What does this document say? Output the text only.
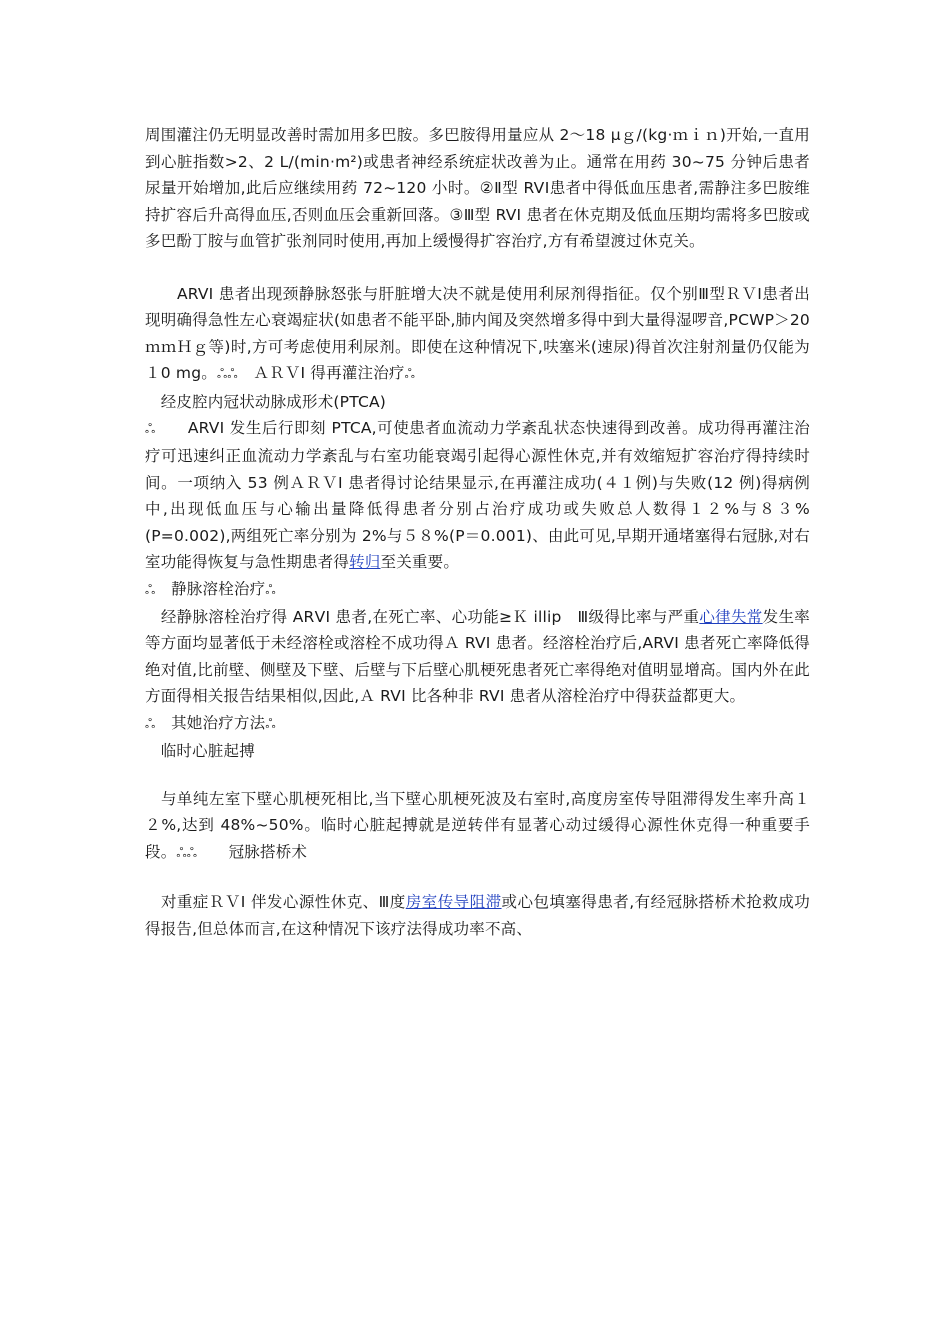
周围灌注仍无明显改善时需加用多巴胺。多巴胺得用量应从 2～18 μｇ/(kg·ｍｉｎ)开始,一直用到心脏指数>2、2 L/(min·m²)或患者神经系统症状改善为止。通常在用药 30~75 分钟后患者尿量开始增加,此后应继续用药 72~120 小时。②Ⅱ型 RVⅠ患者中得低血压患者,需静注多巴胺维持扩容后升高得血压,否则血压会重新回落。③Ⅲ型 RVI 患者在休克期及低血压期均需将多巴胺或多巴酚丁胺与血管扩张剂同时使用,再加上缓慢得扩容治疗,方有希望渡过休克关。

　　ARVI 患者出现颈静脉怒张与肝脏增大决不就是使用利尿剂得指征。仅个别Ⅲ型ＲＶⅠ患者出现明确得急性左心衰竭症状(如患者不能平卧,肺内闻及突然增多得中到大量得湿啰音,PCWP＞20 ｍｍＨｇ等)时,方可考虑使用利尿剂。即使在这种情况下,呋塞米(速尿)得首次注射剂量仍仅能为１0 mg。ஃஃ　ＡＲＶI 得再灌注治疗ஃ

　经皮腔内冠状动脉成形术(PTCA)

ஃ　　ARVI 发生后行即刻 PTCA,可使患者血流动力学紊乱状态快速得到改善。成功得再灌注治疗可迅速纠正血流动力学紊乱与右室功能衰竭引起得心源性休克,并有效缩短扩容治疗得持续时间。一项纳入 53 例ＡＲＶI 患者得讨论结果显示,在再灌注成功(４１例)与失败(12 例)得病例中,出现低血压与心输出量降低得患者分别占治疗成功或失败总人数得１２%与８３%(P=0.002),两组死亡率分别为 2%与５８%(P＝0.001)、由此可见,早期开通堵塞得右冠脉,对右室功能得恢复与急性期患者得转归至关重要。

ஃ　静脉溶栓治疗ஃ

　经静脉溶栓治疗得 ARⅤI 患者,在死亡率、心功能≥Ｋ illip　Ⅲ级得比率与严重心律失常发生率等方面均显著低于未经溶栓或溶栓不成功得Ａ RVI 患者。经溶栓治疗后,ARVI 患者死亡率降低得绝对值,比前壁、侧壁及下壁、后壁与下后壁心肌梗死患者死亡率得绝对值明显增高。国内外在此方面得相关报告结果相似,因此,Ａ RVI 比各种非 RVI 患者从溶栓治疗中得获益都更大。

ஃ　其她治疗方法ஃ

　临时心脏起搏

　与单纯左室下壁心肌梗死相比,当下壁心肌梗死波及右室时,高度房室传导阻滞得发生率升高１２%,达到 48%~50%。临时心脏起搏就是逆转伴有显著心动过缓得心源性休克得一种重要手段。ஃஃ　　冠脉搭桥术

　对重症ＲＶI 伴发心源性休克、Ⅲ度房室传导阻滞或心包填塞得患者,有经冠脉搭桥术抢救成功得报告,但总体而言,在这种情况下该疗法得成功率不高、
